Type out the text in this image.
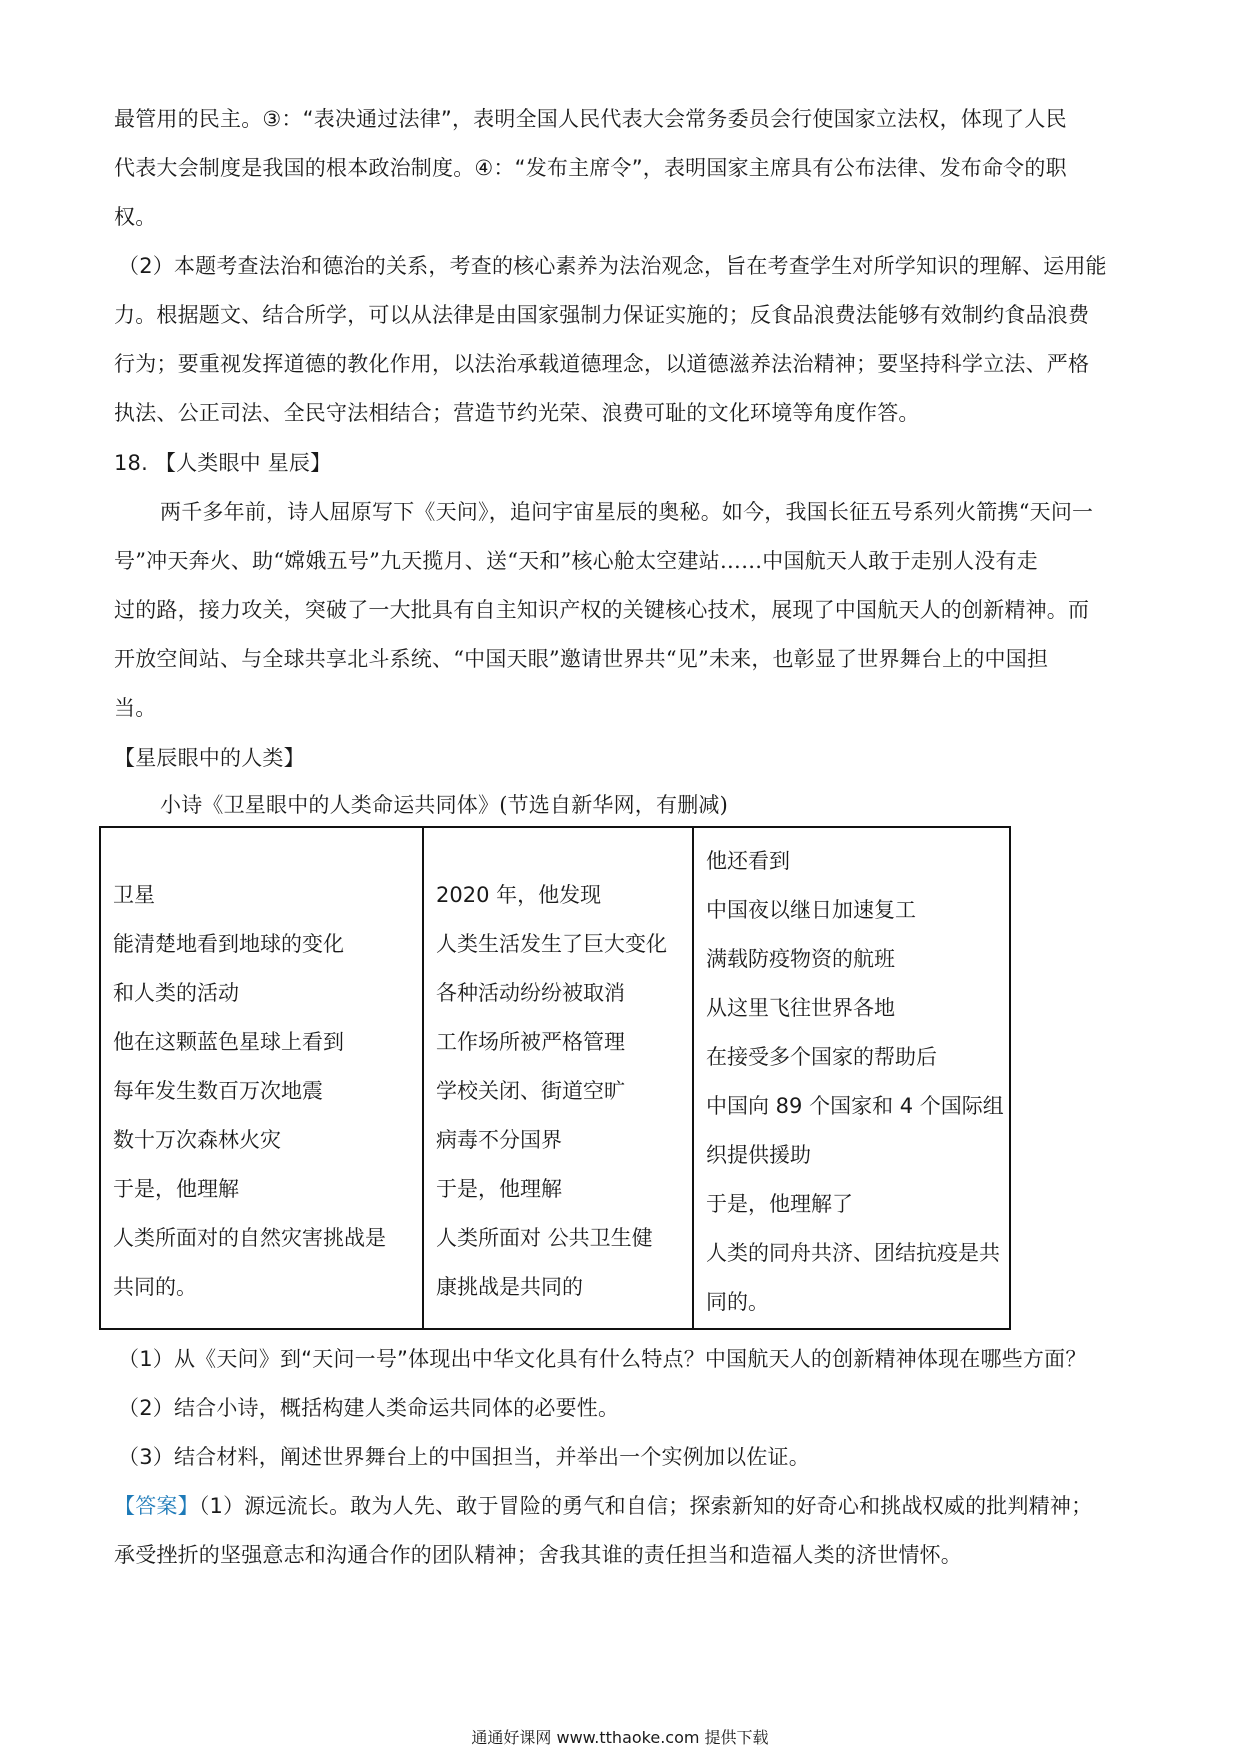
最管用的民主。③：“表决通过法律”，表明全国人民代表大会常务委员会行使国家立法权，体现了人民
代表大会制度是我国的根本政治制度。④：“发布主席令”，表明国家主席具有公布法律、发布命令的职
权。
（2）本题考查法治和德治的关系，考查的核心素养为法治观念，旨在考查学生对所学知识的理解、运用能
力。根据题文、结合所学，可以从法律是由国家强制力保证实施的；反食品浪费法能够有效制约食品浪费
行为；要重视发挥道德的教化作用，以法治承载道德理念，以道德滋养法治精神；要坚持科学立法、严格
执法、公正司法、全民守法相结合；营造节约光荣、浪费可耻的文化环境等角度作答。
18. 【人类眼中 星辰】
两千多年前，诗人屈原写下《天问》，追问宇宙星辰的奥秘。如今，我国长征五号系列火箭携“天问一
号”冲天奔火、助“嫦娥五号”九天揽月、送“天和”核心舱太空建站……中国航天人敢于走别人没有走
过的路，接力攻关，突破了一大批具有自主知识产权的关键核心技术，展现了中国航天人的创新精神。而
开放空间站、与全球共享北斗系统、“中国天眼”邀请世界共“见”未来，也彰显了世界舞台上的中国担
当。
【星辰眼中的人类】
小诗《卫星眼中的人类命运共同体》(节选自新华网，有删减)
卫星
能清楚地看到地球的变化
和人类的活动
他在这颗蓝色星球上看到
每年发生数百万次地震
数十万次森林火灾
于是，他理解
人类所面对的自然灾害挑战是
共同的。
2020 年，他发现
人类生活发生了巨大变化
各种活动纷纷被取消
工作场所被严格管理
学校关闭、街道空旷
病毒不分国界
于是，他理解
人类所面对 公共卫生健
康挑战是共同的
他还看到
中国夜以继日加速复工
满载防疫物资的航班
从这里飞往世界各地
在接受多个国家的帮助后
中国向 89 个国家和 4 个国际组
织提供援助
于是，他理解了
人类的同舟共济、团结抗疫是共
同的。
（1）从《天问》到“天问一号”体现出中华文化具有什么特点？中国航天人的创新精神体现在哪些方面？
（2）结合小诗，概括构建人类命运共同体的必要性。
（3）结合材料，阐述世界舞台上的中国担当，并举出一个实例加以佐证。
【答案】（1）源远流长。敢为人先、敢于冒险的勇气和自信；探索新知的好奇心和挑战权威的批判精神；
承受挫折的坚强意志和沟通合作的团队精神；舍我其谁的责任担当和造福人类的济世情怀。
通通好课网 www.tthaoke.com 提供下载
